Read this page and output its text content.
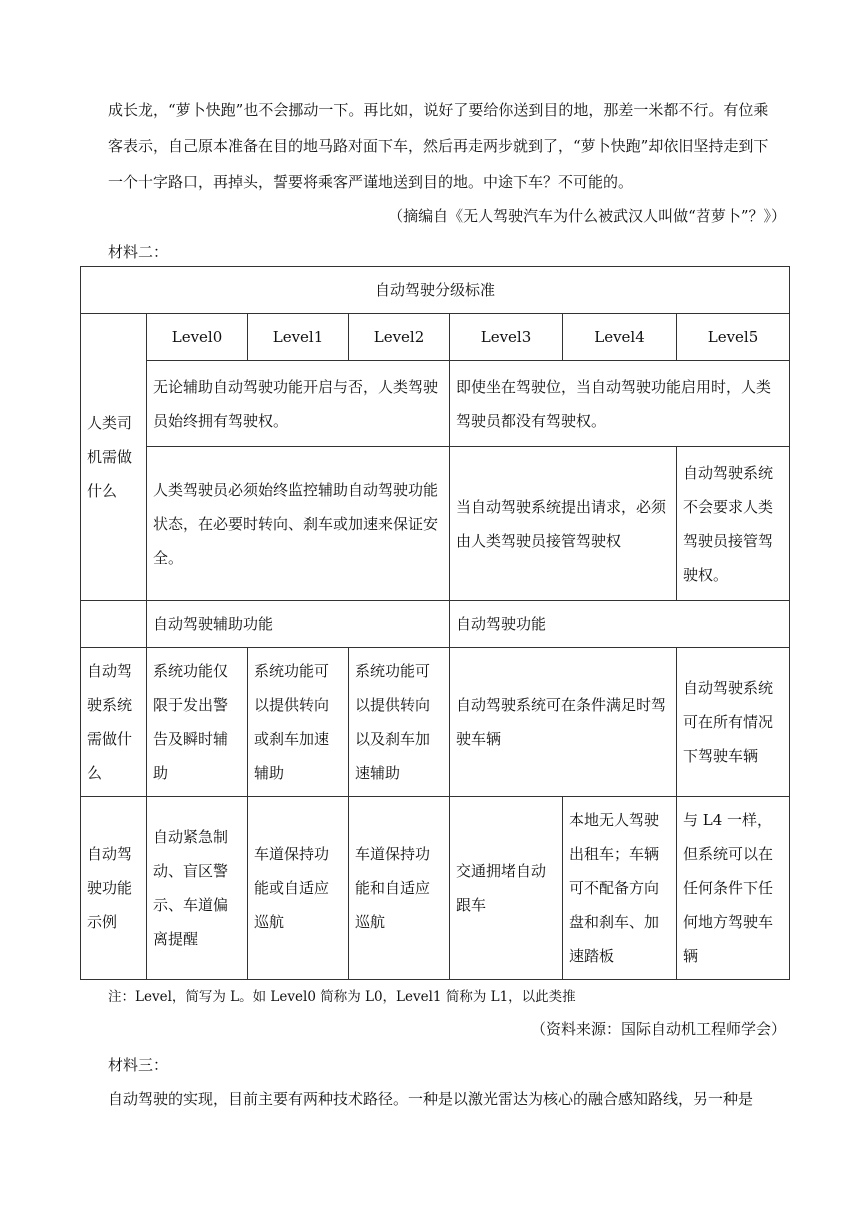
成长龙，“萝卜快跑”也不会挪动一下。再比如，说好了要给你送到目的地，那差一米都不行。有位乘
客表示，自己原本准备在目的地马路对面下车，然后再走两步就到了，“萝卜快跑”却依旧坚持走到下
一个十字路口，再掉头，誓要将乘客严谨地送到目的地。中途下车？不可能的。
（摘编自《无人驾驶汽车为什么被武汉人叫做“苕萝卜”？》）
材料二：
自动驾驶分级标准						
人类司机需做什么	Level0	Level1	Level2	Level3	Level4	Level5
	无论辅助自动驾驶功能开启与否，人类驾驶员始终拥有驾驶权。			即使坐在驾驶位，当自动驾驶功能启用时，人类驾驶员都没有驾驶权。		
	人类驾驶员必须始终监控辅助自动驾驶功能状态，在必要时转向、刹车或加速来保证安全。			当自动驾驶系统提出请求，必须由人类驾驶员接管驾驶权		自动驾驶系统不会要求人类驾驶员接管驾驶权。
	自动驾驶辅助功能			自动驾驶功能		
自动驾驶系统需做什么	系统功能仅限于发出警告及瞬时辅助	系统功能可以提供转向或刹车加速辅助	系统功能可以提供转向以及刹车加速辅助	自动驾驶系统可在条件满足时驾驶车辆		自动驾驶系统可在所有情况下驾驶车辆
自动驾驶功能示例	自动紧急制动、盲区警示、车道偏离提醒	车道保持功能或自适应巡航	车道保持功能和自适应巡航	交通拥堵自动跟车	本地无人驾驶出租车；车辆可不配备方向盘和刹车、加速踏板	与 L4 一样，但系统可以在任何条件下任何地方驾驶车辆
注：Level，简写为 L。如 Level0 简称为 L0，Level1 简称为 L1，以此类推
（资料来源：国际自动机工程师学会）
材料三：
自动驾驶的实现，目前主要有两种技术路径。一种是以激光雷达为核心的融合感知路线，另一种是
